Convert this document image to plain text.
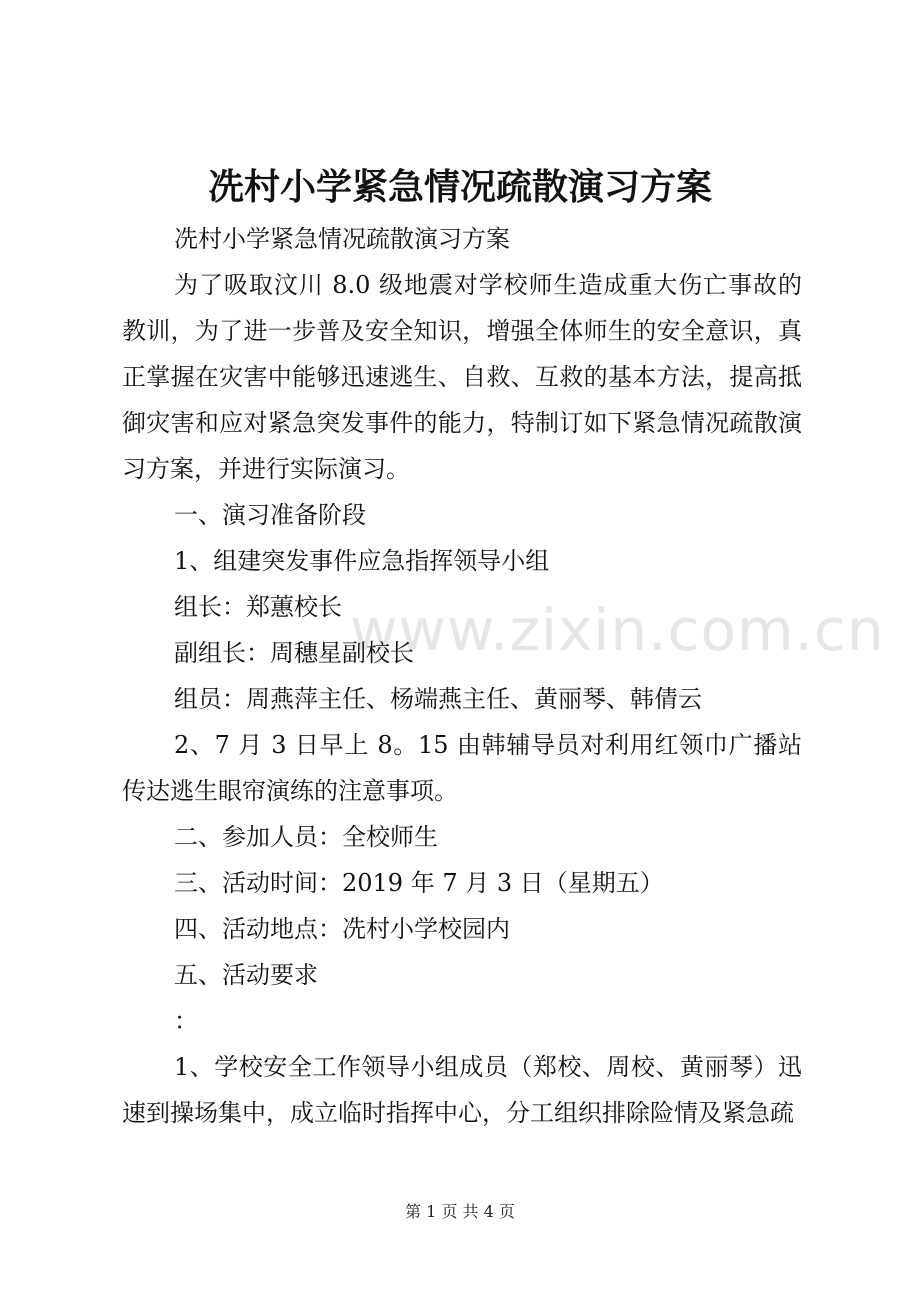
www.zixin.com.cn
冼村小学紧急情况疏散演习方案

冼村小学紧急情况疏散演习方案

为了吸取汶川 8.0 级地震对学校师生造成重大伤亡事故的教训，为了进一步普及安全知识，增强全体师生的安全意识，真正掌握在灾害中能够迅速逃生、自救、互救的基本方法，提高抵御灾害和应对紧急突发事件的能力，特制订如下紧急情况疏散演习方案，并进行实际演习。

一、演习准备阶段

1、组建突发事件应急指挥领导小组

组长：郑蕙校长

副组长：周穗星副校长

组员：周燕萍主任、杨端燕主任、黄丽琴、韩倩云

2、7 月 3 日早上 8。15 由韩辅导员对利用红领巾广播站传达逃生眼帘演练的注意事项。

二、参加人员：全校师生

三、活动时间：2019 年 7 月 3 日（星期五）

四、活动地点：冼村小学校园内

五、活动要求

：

1、学校安全工作领导小组成员（郑校、周校、黄丽琴）迅速到操场集中，成立临时指挥中心，分工组织排除险情及紧急疏

第 1 页 共 4 页
